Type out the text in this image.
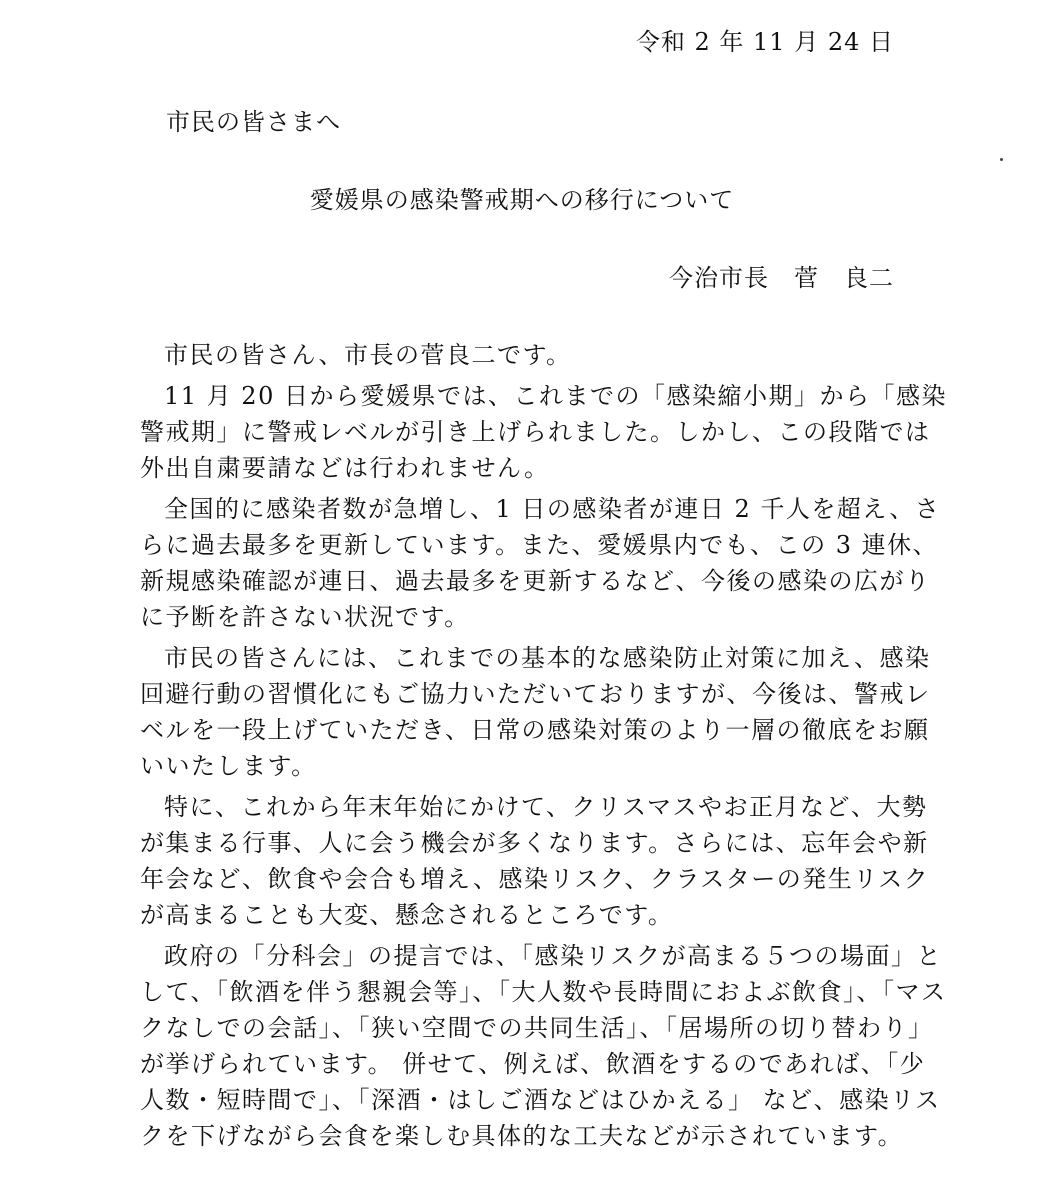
令和 2 年 11 月 24 日
市民の皆さまへ
愛媛県の感染警戒期への移行について
今治市長　菅　良二
市民の皆さん、市長の菅良二です。
11 月 20 日から愛媛県では、これまでの「感染縮小期」から「感染
警戒期」に警戒レベルが引き上げられました。しかし、この段階では
外出自粛要請などは行われません。
全国的に感染者数が急増し、1 日の感染者が連日 2 千人を超え、さ
らに過去最多を更新しています。また、愛媛県内でも、この 3 連休、
新規感染確認が連日、過去最多を更新するなど、今後の感染の広がり
に予断を許さない状況です。
市民の皆さんには、これまでの基本的な感染防止対策に加え、感染
回避行動の習慣化にもご協力いただいておりますが、今後は、警戒レ
ベルを一段上げていただき、日常の感染対策のより一層の徹底をお願
いいたします。
特に、これから年末年始にかけて、クリスマスやお正月など、大勢
が集まる行事、人に会う機会が多くなります。さらには、忘年会や新
年会など、飲食や会合も増え、感染リスク、クラスターの発生リスク
が高まることも大変、懸念されるところです。
政府の「分科会」の提言では、「感染リスクが高まる５つの場面」と
して、「飲酒を伴う懇親会等」、「大人数や長時間におよぶ飲食」、「マス
クなしでの会話」、「狭い空間での共同生活」、「居場所の切り替わり」
が挙げられています。 併せて、例えば、飲酒をするのであれば、「少
人数・短時間で」、「深酒・はしご酒などはひかえる」 など、感染リス
クを下げながら会食を楽しむ具体的な工夫などが示されています。
